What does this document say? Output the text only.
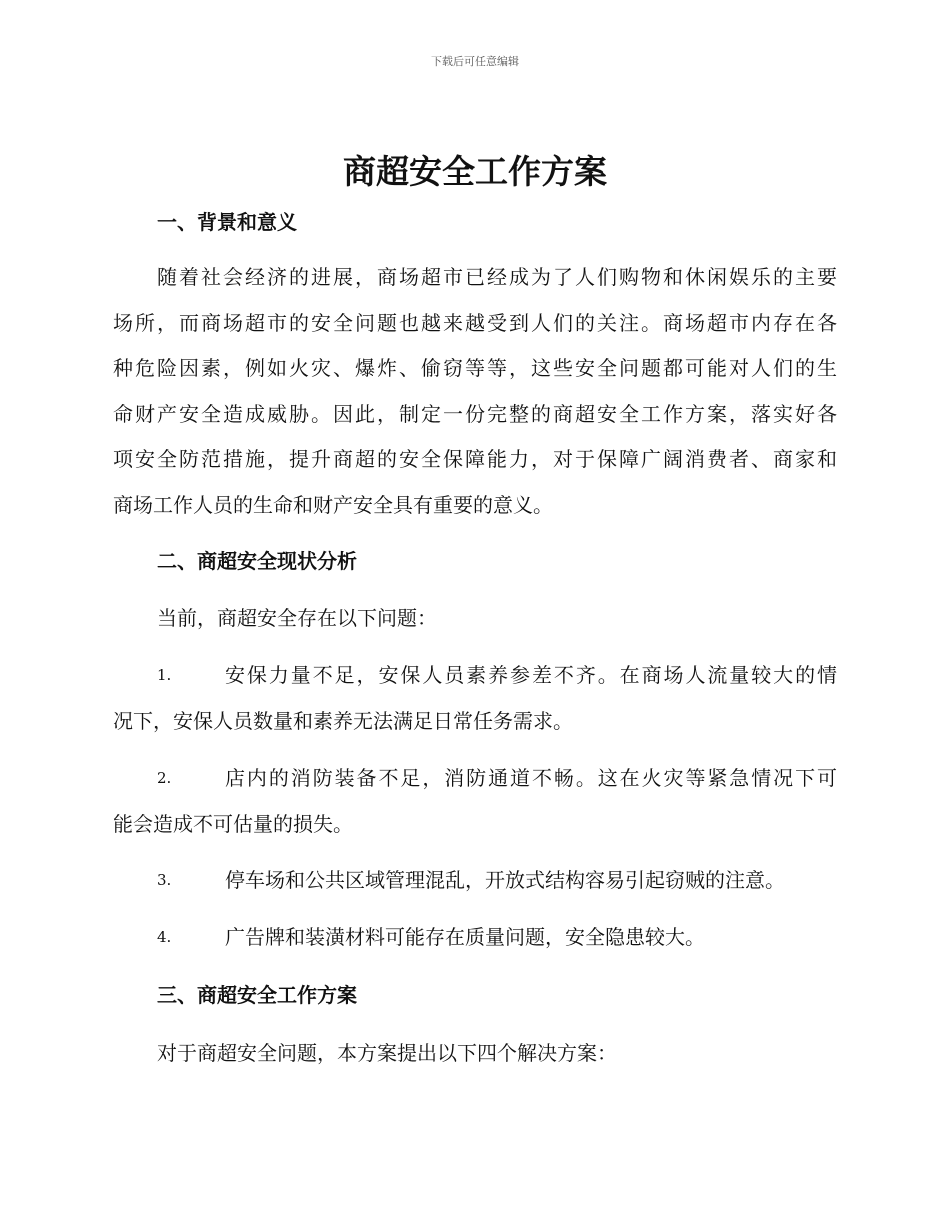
下载后可任意编辑
商超安全工作方案
一、背景和意义
随着社会经济的进展，商场超市已经成为了人们购物和休闲娱乐的主要
场所，而商场超市的安全问题也越来越受到人们的关注。商场超市内存在各
种危险因素，例如火灾、爆炸、偷窃等等，这些安全问题都可能对人们的生
命财产安全造成威胁。因此，制定一份完整的商超安全工作方案，落实好各
项安全防范措施，提升商超的安全保障能力，对于保障广阔消费者、商家和
商场工作人员的生命和财产安全具有重要的意义。
二、商超安全现状分析

当前，商超安全存在以下问题：

1.	安保力量不足，安保人员素养参差不齐。在商场人流量较大的情
况下，安保人员数量和素养无法满足日常任务需求。
2.	店内的消防装备不足，消防通道不畅。这在火灾等紧急情况下可
能会造成不可估量的损失。
3.	停车场和公共区域管理混乱，开放式结构容易引起窃贼的注意。
4.	广告牌和装潢材料可能存在质量问题，安全隐患较大。
三、商超安全工作方案

对于商超安全问题，本方案提出以下四个解决方案：
